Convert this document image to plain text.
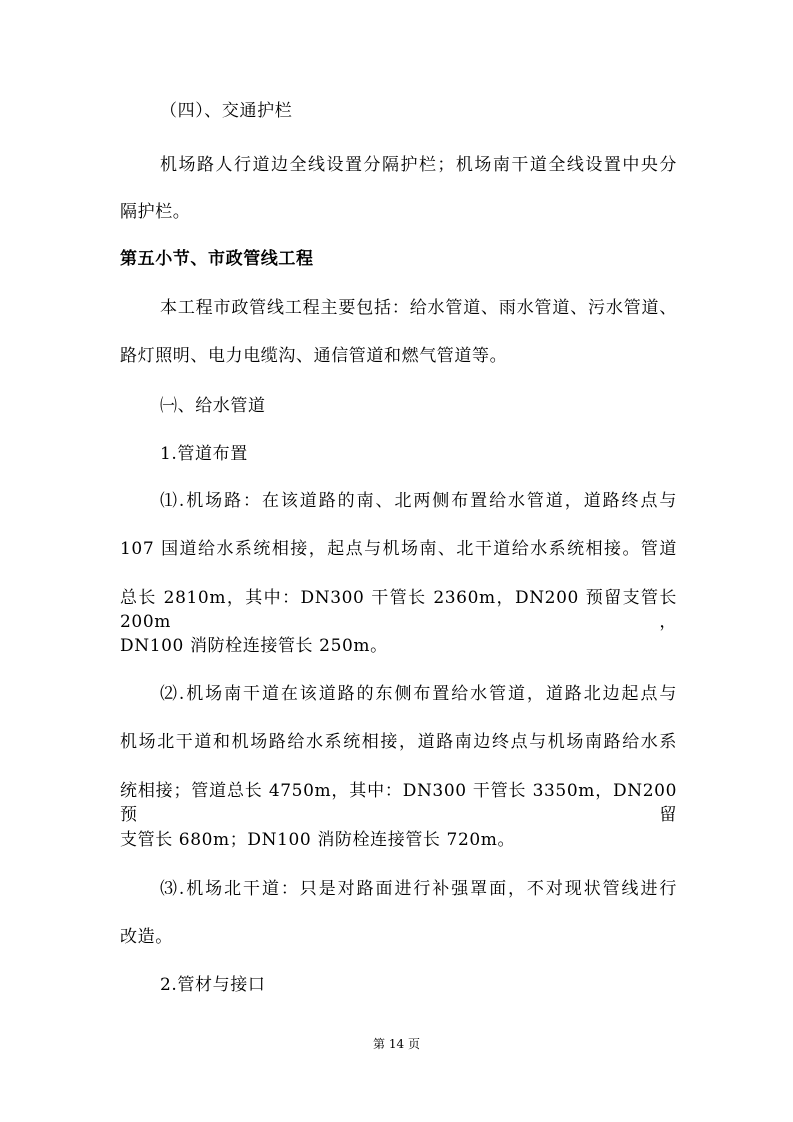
（四）、交通护栏
机场路人行道边全线设置分隔护栏；机场南干道全线设置中央分
隔护栏。
第五小节、市政管线工程
本工程市政管线工程主要包括：给水管道、雨水管道、污水管道、
路灯照明、电力电缆沟、通信管道和燃气管道等。
㈠、给水管道
1.管道布置
⑴.机场路：在该道路的南、北两侧布置给水管道，道路终点与
107 国道给水系统相接，起点与机场南、北干道给水系统相接。管道
总长 2810m，其中：DN300 干管长 2360m，DN200 预留支管长 200m，
DN100 消防栓连接管长 250m。
⑵.机场南干道在该道路的东侧布置给水管道，道路北边起点与
机场北干道和机场路给水系统相接，道路南边终点与机场南路给水系
统相接；管道总长 4750m，其中：DN300 干管长 3350m，DN200 预留
支管长 680m；DN100 消防栓连接管长 720m。
⑶.机场北干道：只是对路面进行补强罩面，不对现状管线进行
改造。
2.管材与接口
第 14 页
